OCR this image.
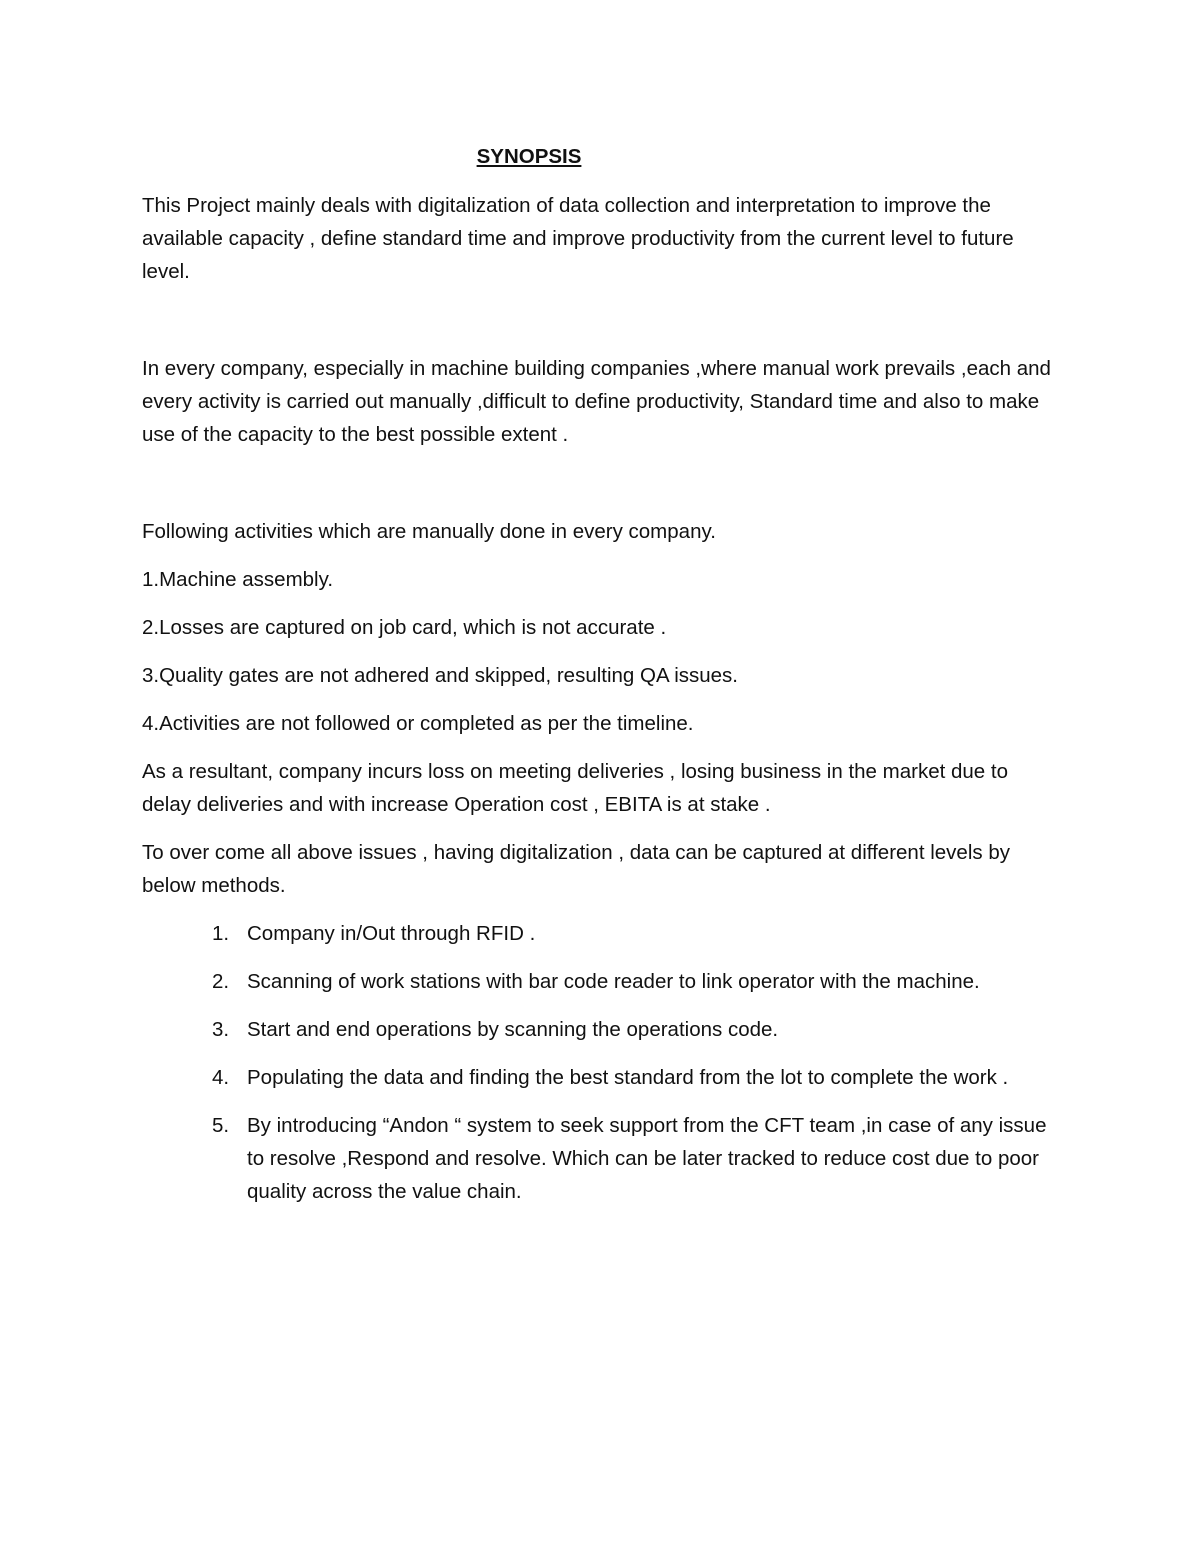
SYNOPSIS

This Project mainly deals with digitalization of data collection and interpretation to improve the available capacity , define standard time and improve productivity from the current level to future level.

In every company, especially in machine building companies ,where manual work prevails ,each and every activity is carried out manually ,difficult to define productivity, Standard time and also to make use of the capacity to the best possible extent .

Following activities which are manually done in every company.

1.Machine assembly.

2.Losses are captured on job card, which is not accurate .

3.Quality gates are not adhered and skipped, resulting QA issues.

4.Activities are not followed or completed as per the timeline.

As a resultant, company incurs loss on meeting deliveries , losing business in the market due to delay deliveries and with increase Operation cost , EBITA is at stake .

To over come all above issues , having digitalization , data can be captured at different levels by below methods.

1. Company in/Out through RFID .
2. Scanning of work stations with bar code reader to link operator with the machine.
3. Start and end operations by scanning the operations code.
4. Populating the data and finding the best standard from the lot to complete the work .
5. By introducing “Andon “ system to seek support from the CFT team ,in case of any issue to resolve ,Respond and resolve. Which can be later tracked to reduce cost due to poor quality across the value chain.
